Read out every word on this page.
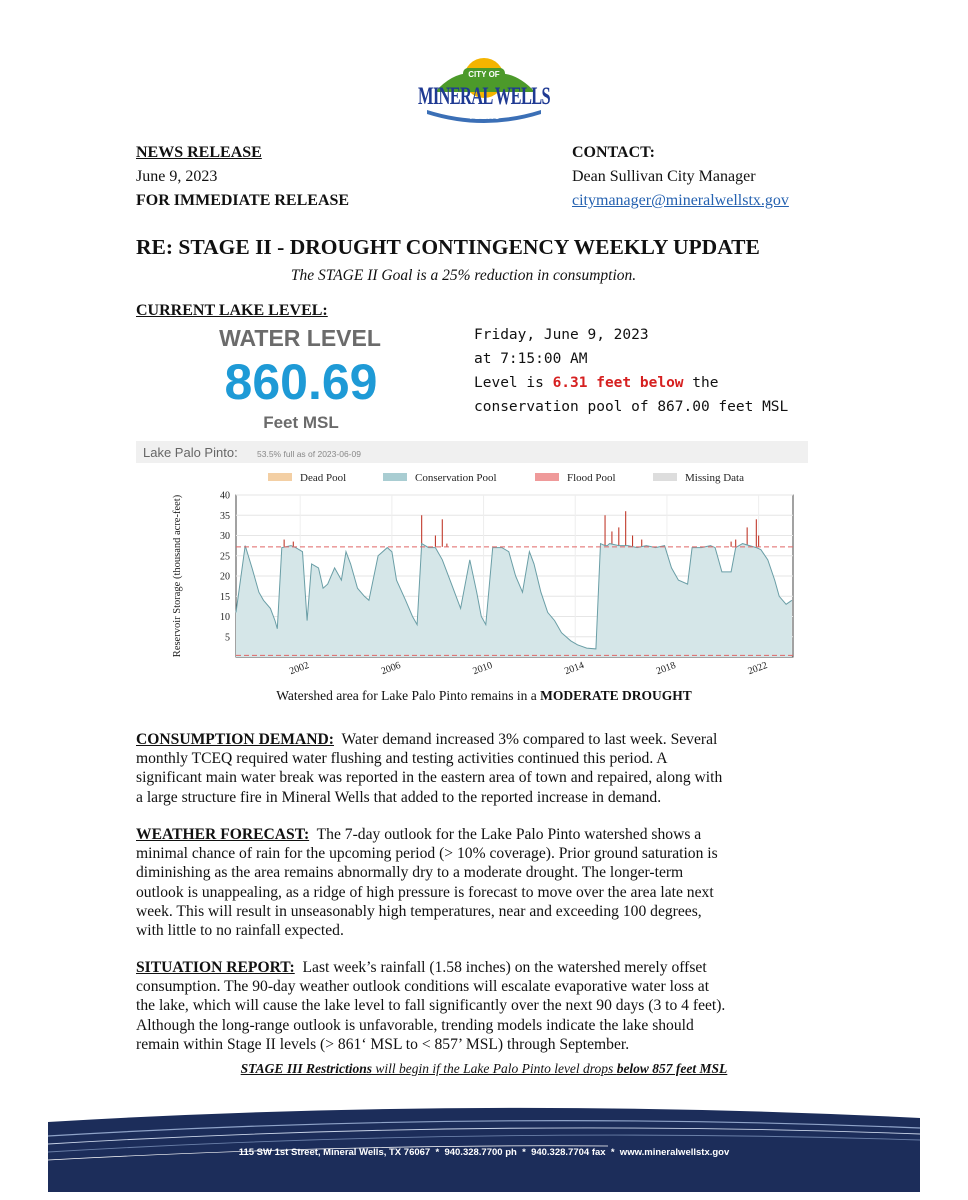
CITY OF
MINERAL WELLS
T E X A S
NEWS RELEASE
June 9, 2023
FOR IMMEDIATE RELEASE
CONTACT:
Dean Sullivan City Manager
citymanager@mineralwellstx.gov
RE: STAGE II - DROUGHT CONTINGENCY WEEKLY UPDATE
The STAGE II Goal is a 25% reduction in consumption.
CURRENT LAKE LEVEL:
WATER LEVEL
860.69
Feet MSL
Friday, June 9, 2023
at 7:15:00 AM
Level is 6.31 feet below the
conservation pool of 867.00 feet MSL
Lake Palo Pinto: 53.5% full as of 2023-06-09
Dead Pool	Conservation Pool	Flood Pool	Missing Data
5
10
15
20
25
30
35
40
2002	2006	2010	2014	2018	2022
Reservoir Storage (thousand acre-feet)
Watershed area for Lake Palo Pinto remains in a MODERATE DROUGHT
CONSUMPTION DEMAND: Water demand increased 3% compared to last week. Several
monthly TCEQ required water flushing and testing activities continued this period. A
significant main water break was reported in the eastern area of town and repaired, along with
a large structure fire in Mineral Wells that added to the reported increase in demand.
WEATHER FORECAST: The 7-day outlook for the Lake Palo Pinto watershed shows a
minimal chance of rain for the upcoming period (> 10% coverage). Prior ground saturation is
diminishing as the area remains abnormally dry to a moderate drought. The longer-term
outlook is unappealing, as a ridge of high pressure is forecast to move over the area late next
week. This will result in unseasonably high temperatures, near and exceeding 100 degrees,
with little to no rainfall expected.
SITUATION REPORT: Last week’s rainfall (1.58 inches) on the watershed merely offset
consumption. The 90-day weather outlook conditions will escalate evaporative water loss at
the lake, which will cause the lake level to fall significantly over the next 90 days (3 to 4 feet).
Although the long-range outlook is unfavorable, trending models indicate the lake should
remain within Stage II levels (> 861‘ MSL to < 857’ MSL) through September.
STAGE III Restrictions will begin if the Lake Palo Pinto level drops below 857 feet MSL
115 SW 1st Street, Mineral Wells, TX 76067  *  940.328.7700 ph  *  940.328.7704 fax  *  www.mineralwellstx.gov
